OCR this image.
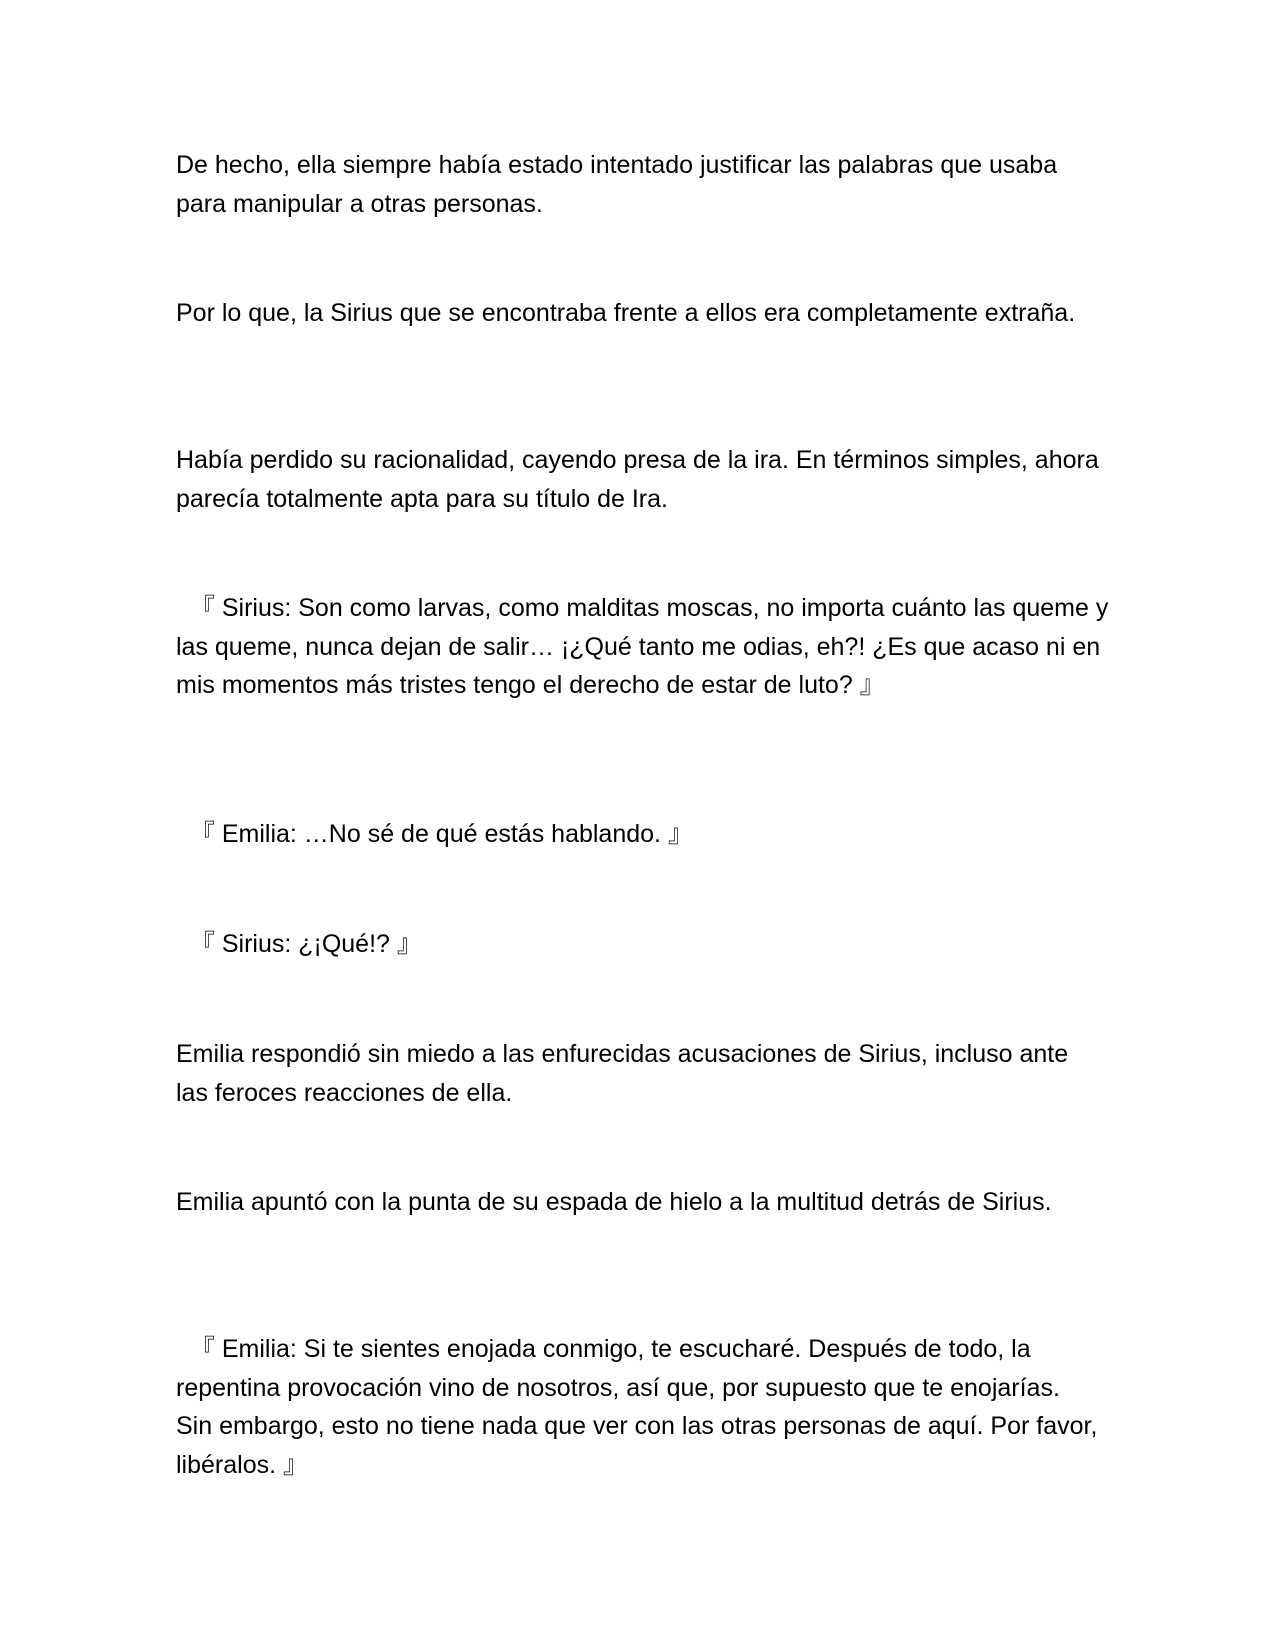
De hecho, ella siempre había estado intentado justificar las palabras que usaba para manipular a otras personas.

Por lo que, la Sirius que se encontraba frente a ellos era completamente extraña.

Había perdido su racionalidad, cayendo presa de la ira. En términos simples, ahora parecía totalmente apta para su título de Ira.

『 Sirius: Son como larvas, como malditas moscas, no importa cuánto las queme y las queme, nunca dejan de salir… ¡¿Qué tanto me odias, eh?! ¿Es que acaso ni en mis momentos más tristes tengo el derecho de estar de luto? 』

『 Emilia: …No sé de qué estás hablando. 』

『 Sirius: ¿¡Qué!? 』

Emilia respondió sin miedo a las enfurecidas acusaciones de Sirius, incluso ante las feroces reacciones de ella.

Emilia apuntó con la punta de su espada de hielo a la multitud detrás de Sirius.

『 Emilia: Si te sientes enojada conmigo, te escucharé. Después de todo, la repentina provocación vino de nosotros, así que, por supuesto que te enojarías. Sin embargo, esto no tiene nada que ver con las otras personas de aquí. Por favor, libéralos. 』
